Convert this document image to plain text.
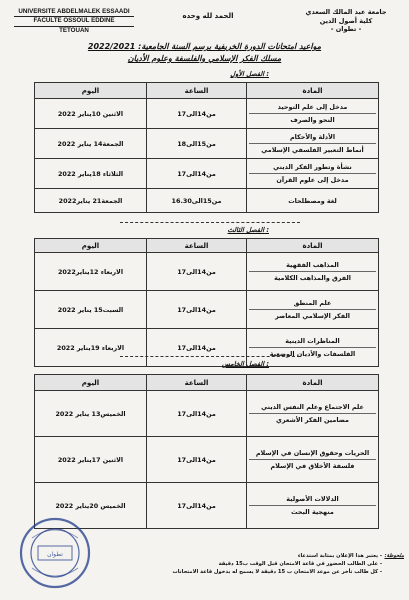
UNIVERSITE ABDELMALEK ESSAADI
FACULTE OSSOUL EDDINE
TETOUAN
الحمد لله وحده	جامعة عبد المالك السعدي
كلية أصول الدين
- تطوان -
مواعيد امتحانات الدورة الخريفية برسم السنة الجامعية: 2022/2021
مسلك الفكر الإسلامي والفلسفة وعلوم الأديان
الفصل الأول :
اليوم	الساعة	المادة
الاثنين 10يناير 2022	من14الى17	مدخل إلى علم التوحيد
النحو والصرف

الجمعة14 يناير 2022	من15الى18	الأدلة والأحكام
أنماط التعبير الفلسفي الإسلامي

الثلاثاء 18يناير 2022	من14الى17	نشأة وتطور الفكر الديني
مدخل إلى علوم القرآن

الجمعة21 يناير2022	من15الى16.30	لغة ومصطلحات
الفصل الثالث :
اليوم	الساعة	المادة
الاربعاء 12يناير2022	من14الى17	المذاهب الفقهية
الفرق والمذاهب الكلامية

السبت15 يناير 2022	من14الى17	علم المنطق
الفكر الإسلامي المعاصر

الاربعاء 19يناير 2022	من14الى17	المناظرات الدينية
الفلسفات والأديان الوضعية
الفصل الخامس :
اليوم	الساعة	المادة
الخميس13 يناير 2022	من14الى17	علم الاجتماع وعلم النفس الديني
مضامين الفكر الأشعري

الاثنين 17يناير 2022	من14الى17	الحريات وحقوق الإنسان في الإسلام
فلسفة الأخلاق في الإسلام

الخميس 20يناير 2022	من14الى17	الدلالات الأصولية
منهجية البحث
تطوان	ملحوظة:
- يعتبر هذا الإعلان بمثابة استدعاء
- على الطالب الحضور في قاعة الامتحان قبل الوقت ب15 دقيقة
- كل طالب تأخر عن موعد الامتحان ب 15 دقيقة لا يسمح له بدخول قاعة الامتحانات
